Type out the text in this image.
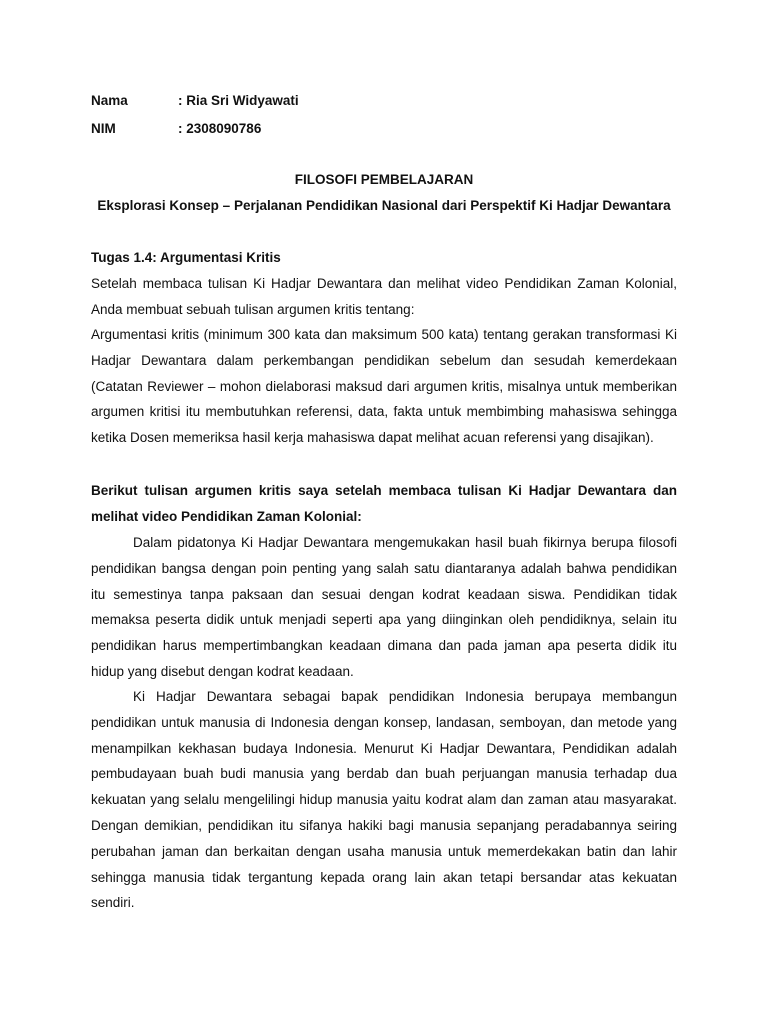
Nama	: Ria Sri Widyawati
NIM	: 2308090786
FILOSOFI PEMBELAJARAN
Eksplorasi Konsep – Perjalanan Pendidikan Nasional dari Perspektif Ki Hadjar Dewantara
Tugas 1.4: Argumentasi Kritis

Setelah membaca tulisan Ki Hadjar Dewantara dan melihat video Pendidikan Zaman Kolonial, Anda membuat sebuah tulisan argumen kritis tentang:

Argumentasi kritis (minimum 300 kata dan maksimum 500 kata) tentang gerakan transformasi Ki Hadjar Dewantara dalam perkembangan pendidikan sebelum dan sesudah kemerdekaan (Catatan Reviewer – mohon dielaborasi maksud dari argumen kritis, misalnya untuk memberikan argumen kritisi itu membutuhkan referensi, data, fakta untuk membimbing mahasiswa sehingga ketika Dosen memeriksa hasil kerja mahasiswa dapat melihat acuan referensi yang disajikan).

Berikut tulisan argumen kritis saya setelah membaca tulisan Ki Hadjar Dewantara dan melihat video Pendidikan Zaman Kolonial:

Dalam pidatonya Ki Hadjar Dewantara mengemukakan hasil buah fikirnya berupa filosofi pendidikan bangsa dengan poin penting yang salah satu diantaranya adalah bahwa pendidikan itu semestinya tanpa paksaan dan sesuai dengan kodrat keadaan siswa. Pendidikan tidak memaksa peserta didik untuk menjadi seperti apa yang diinginkan oleh pendidiknya, selain itu pendidikan harus mempertimbangkan keadaan dimana dan pada jaman apa peserta didik itu hidup yang disebut dengan kodrat keadaan.

Ki Hadjar Dewantara sebagai bapak pendidikan Indonesia berupaya membangun pendidikan untuk manusia di Indonesia dengan konsep, landasan, semboyan, dan metode yang menampilkan kekhasan budaya Indonesia. Menurut Ki Hadjar Dewantara, Pendidikan adalah pembudayaan buah budi manusia yang berdab dan buah perjuangan manusia terhadap dua kekuatan yang selalu mengelilingi hidup manusia yaitu kodrat alam dan zaman atau masyarakat. Dengan demikian, pendidikan itu sifanya hakiki bagi manusia sepanjang peradabannya seiring perubahan jaman dan berkaitan dengan usaha manusia untuk memerdekakan batin dan lahir sehingga manusia tidak tergantung kepada orang lain akan tetapi bersandar atas kekuatan sendiri.
